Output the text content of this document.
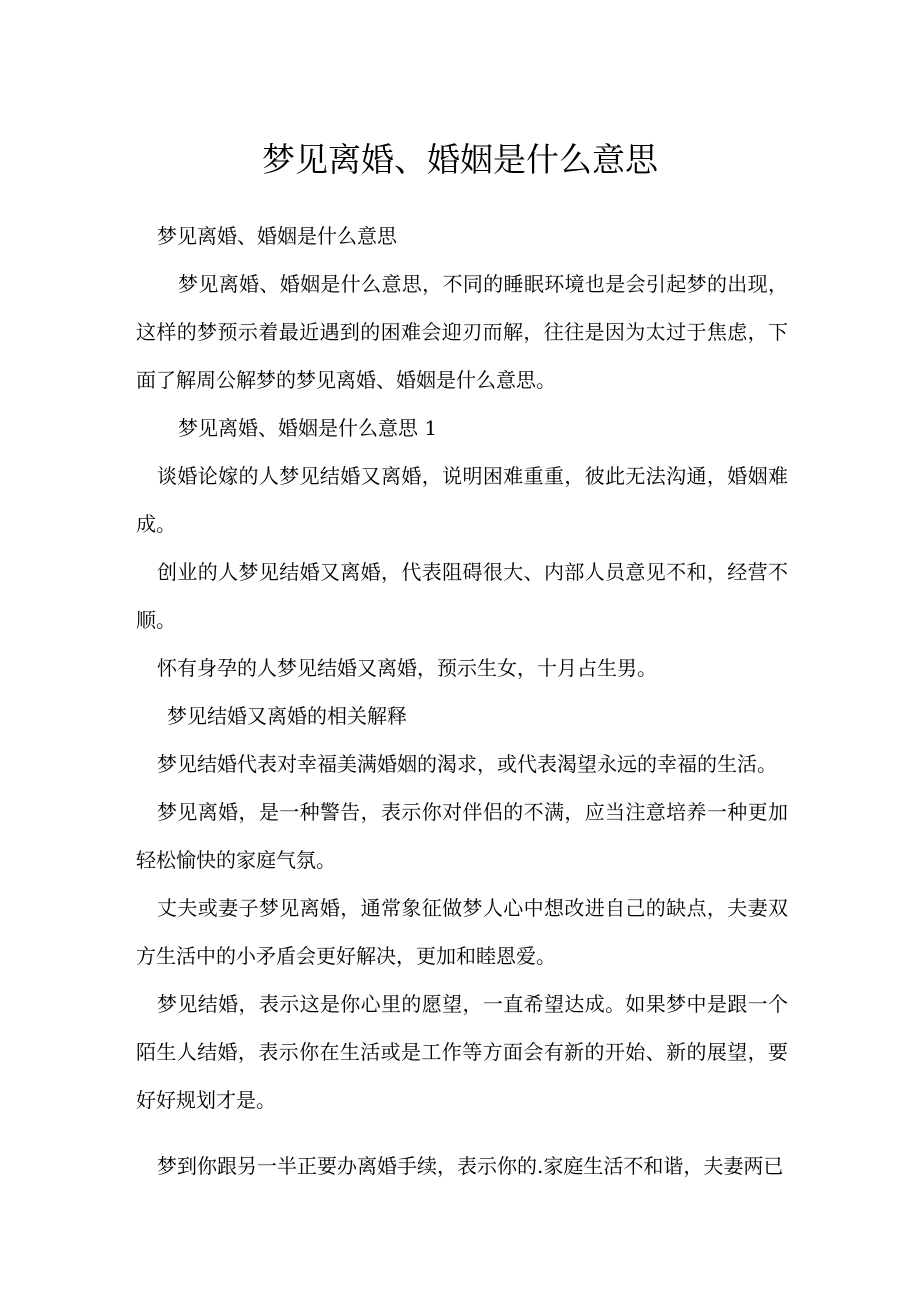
梦见离婚、婚姻是什么意思

梦见离婚、婚姻是什么意思

梦见离婚、婚姻是什么意思，不同的睡眠环境也是会引起梦的出现，这样的梦预示着最近遇到的困难会迎刃而解，往往是因为太过于焦虑，下面了解周公解梦的梦见离婚、婚姻是什么意思。

梦见离婚、婚姻是什么意思 1

谈婚论嫁的人梦见结婚又离婚，说明困难重重，彼此无法沟通，婚姻难成。

创业的人梦见结婚又离婚，代表阻碍很大、内部人员意见不和，经营不顺。

怀有身孕的人梦见结婚又离婚，预示生女，十月占生男。

梦见结婚又离婚的相关解释

梦见结婚代表对幸福美满婚姻的渴求，或代表渴望永远的幸福的生活。

梦见离婚，是一种警告，表示你对伴侣的不满，应当注意培养一种更加轻松愉快的家庭气氛。

丈夫或妻子梦见离婚，通常象征做梦人心中想改进自己的缺点，夫妻双方生活中的小矛盾会更好解决，更加和睦恩爱。

梦见结婚，表示这是你心里的愿望，一直希望达成。如果梦中是跟一个陌生人结婚，表示你在生活或是工作等方面会有新的开始、新的展望，要好好规划才是。

梦到你跟另一半正要办离婚手续，表示你的.家庭生活不和谐，夫妻两已
